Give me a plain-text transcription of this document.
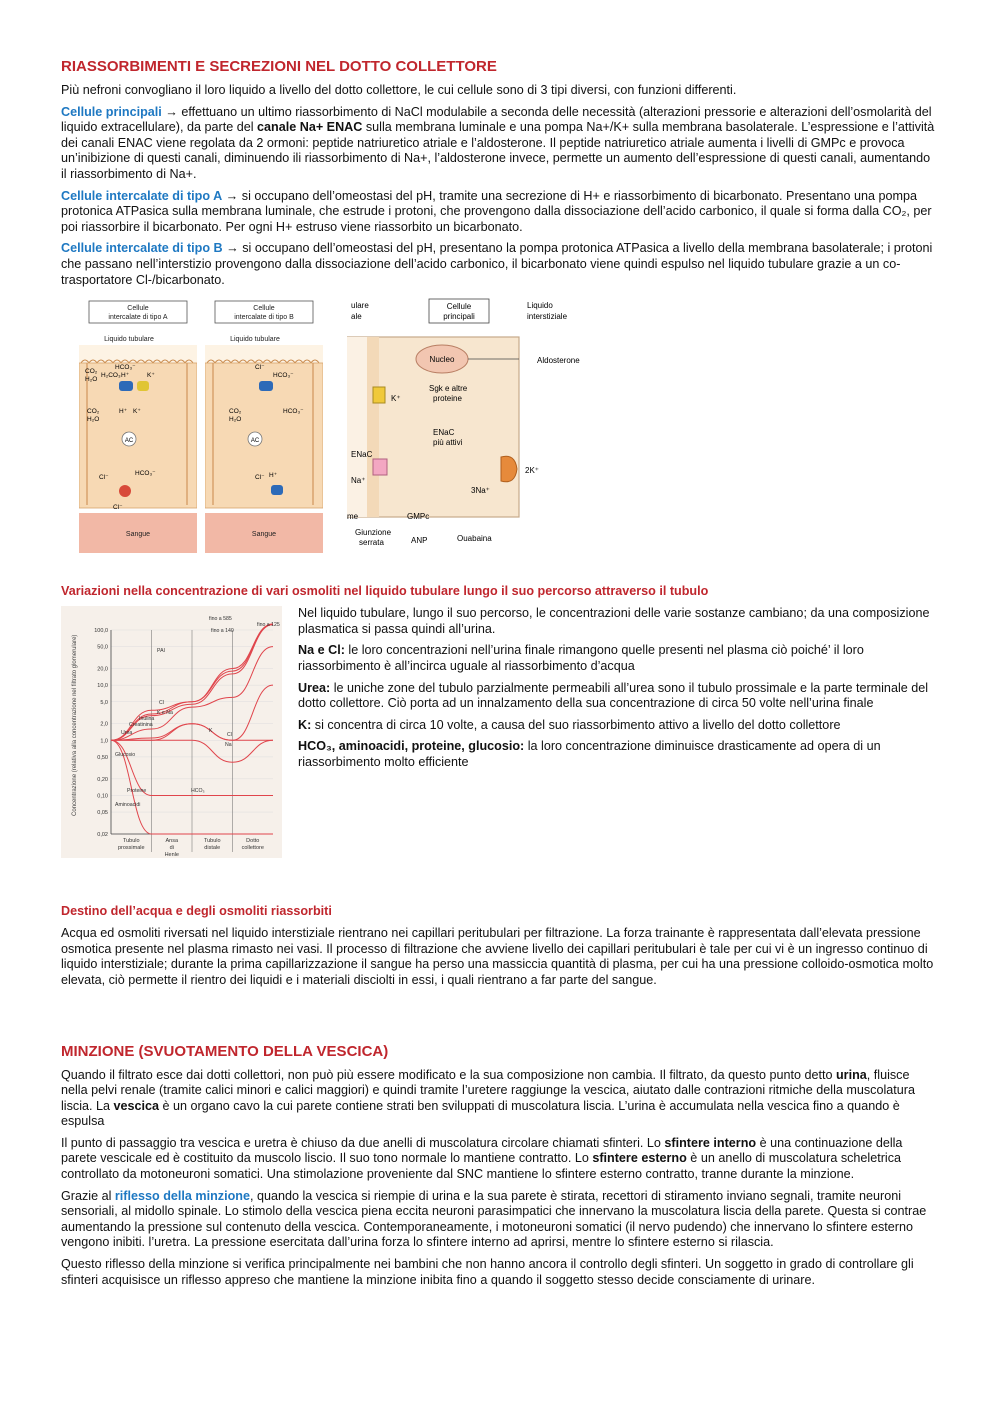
RIASSORBIMENTI E SECREZIONI NEL DOTTO COLLETTORE

Più nefroni convogliano il loro liquido a livello del dotto collettore, le cui cellule sono di 3 tipi diversi, con funzioni differenti.

Cellule principali → effettuano un ultimo riassorbimento di NaCl modulabile a seconda delle necessità (alterazioni pressorie e alterazioni dell’osmolarità del liquido extracellulare), da parte del canale Na+ ENAC sulla membrana luminale e una pompa Na+/K+ sulla membrana basolaterale. L’espressione e l’attività dei canali ENAC viene regolata da 2 ormoni: peptide natriuretico atriale e l’aldosterone. Il peptide natriuretico atriale aumenta i livelli di GMPc e provoca un’inibizione di questi canali, diminuendo ili riassorbimento di Na+, l’aldosterone invece, permette un aumento dell’espressione di questi canali, aumentando il riassorbimento di Na+.

Cellule intercalate di tipo A → si occupano dell’omeostasi del pH, tramite una secrezione di H+ e riassorbimento di bicarbonato. Presentano una pompa protonica ATPasica sulla membrana luminale, che estrude i protoni, che provengono dalla dissociazione dell’acido carbonico, il quale si forma dalla CO₂, per poi riassorbire il bicarbonato. Per ogni H+ estruso viene riassorbito un bicarbonato.

Cellule intercalate di tipo B → si occupano dell’omeostasi del pH, presentano la pompa protonica ATPasica a livello della membrana basolaterale; i protoni che passano nell’interstizio provengono dalla dissociazione dell’acido carbonico, il bicarbonato viene quindi espulso nel liquido tubulare grazie a un co-trasportatore Cl-/bicarbonato.

Cellule
intercalate di tipo A
Liquido tubulare
AC
CO₂
H₂O
HCO₃⁻
H₂CO₃ H⁺	K⁺
CO₂
H₂O
H⁺ K⁺
HCO₃⁻
Cl⁻
Cl⁻
Sangue
Cellule
intercalate di tipo B
Liquido tubulare
AC
Cl⁻
HCO₃⁻
CO₂
H₂O
HCO₃⁻
H⁺
Cl⁻
Sangue
ulare
ale
Cellule
principali
Liquido
interstiziale
Nucleo	Aldosterone
Sgk e altre
proteine
ENaC
più attivi
K⁺
ENaC
Na⁺
2K⁺
3Na⁺
GMPc
me
Giunzione
serrata	ANP	Ouabaina
Variazioni nella concentrazione di vari osmoliti nel liquido tubulare lungo il suo percorso attraverso il tubulo
100,0
50,0
20,0
10,0
5,0
2,0
1,0
0,50
0,20
0,10
0,05
0,02
Tubulo
prossimale
Ansa
di
Henle
Tubulo
distale
Dotto
collettore
fino a 585
fino a 140
fino a 125
PAI
Creatinina
Inulina
Urea
Cl
K e Na
K
Cl
Na
Glucosio
Proteine
Aminoacidi
HCO₃
Concentrazione (relativa alla concentrazione nel filtrato glomerulare)

Nel liquido tubulare, lungo il suo percorso, le concentrazioni delle varie sostanze cambiano; da una composizione plasmatica si passa quindi all’urina.

Na e Cl: le loro concentrazioni nell’urina finale rimangono quelle presenti nel plasma ciò poiché’ il loro riassorbimento è all’incirca uguale al riassorbimento d’acqua

Urea: le uniche zone del tubulo parzialmente permeabili all’urea sono il tubulo prossimale e la parte terminale del dotto collettore. Ciò porta ad un innalzamento della sua concentrazione di circa 50 volte nell’urina finale

K: si concentra di circa 10 volte, a causa del suo riassorbimento attivo a livello del dotto collettore

HCO₃, aminoacidi, proteine, glucosio: la loro concentrazione diminuisce drasticamente ad opera di un riassorbimento molto efficiente

Destino dell’acqua e degli osmoliti riassorbiti

Acqua ed osmoliti riversati nel liquido interstiziale rientrano nei capillari peritubulari per filtrazione. La forza trainante è rappresentata dall’elevata pressione osmotica presente nel plasma rimasto nei vasi. Il processo di filtrazione che avviene livello dei capillari peritubulari è tale per cui vi è un ingresso continuo di liquido interstiziale; durante la prima capillarizzazione il sangue ha perso una massiccia quantità di plasma, per cui ha una pressione colloido-osmotica molto elevata, ciò permette il rientro dei liquidi e i materiali disciolti in essi, i quali rientrano a far parte del sangue.

MINZIONE (SVUOTAMENTO DELLA VESCICA)

Quando il filtrato esce dai dotti collettori, non può più essere modificato e la sua composizione non cambia. Il filtrato, da questo punto detto urina, fluisce nella pelvi renale (tramite calici minori e calici maggiori) e quindi tramite l’uretere raggiunge la vescica, aiutato dalle contrazioni ritmiche della muscolatura liscia. La vescica è un organo cavo la cui parete contiene strati ben sviluppati di muscolatura liscia. L’urina è accumulata nella vescica fino a quando è espulsa

Il punto di passaggio tra vescica e uretra è chiuso da due anelli di muscolatura circolare chiamati sfinteri. Lo sfintere interno è una continuazione della parete vescicale ed è costituito da muscolo liscio. Il suo tono normale lo mantiene contratto. Lo sfintere esterno è un anello di muscolatura scheletrica controllato da motoneuroni somatici. Una stimolazione proveniente dal SNC mantiene lo sfintere esterno contratto, tranne durante la minzione.

Grazie al riflesso della minzione, quando la vescica si riempie di urina e la sua parete è stirata, recettori di stiramento inviano segnali, tramite neuroni sensoriali, al midollo spinale. Lo stimolo della vescica piena eccita neuroni parasimpatici che innervano la muscolatura liscia della parete. Questa si contrae aumentando la pressione sul contenuto della vescica. Contemporaneamente, i motoneuroni somatici (il nervo pudendo) che innervano lo sfintere esterno vengono inibiti. l’uretra. La pressione esercitata dall’urina forza lo sfintere interno ad aprirsi, mentre lo sfintere esterno si rilascia.

Questo riflesso della minzione si verifica principalmente nei bambini che non hanno ancora il controllo degli sfinteri. Un soggetto in grado di controllare gli sfinteri acquisisce un riflesso appreso che mantiene la minzione inibita fino a quando il soggetto stesso decide consciamente di urinare.
